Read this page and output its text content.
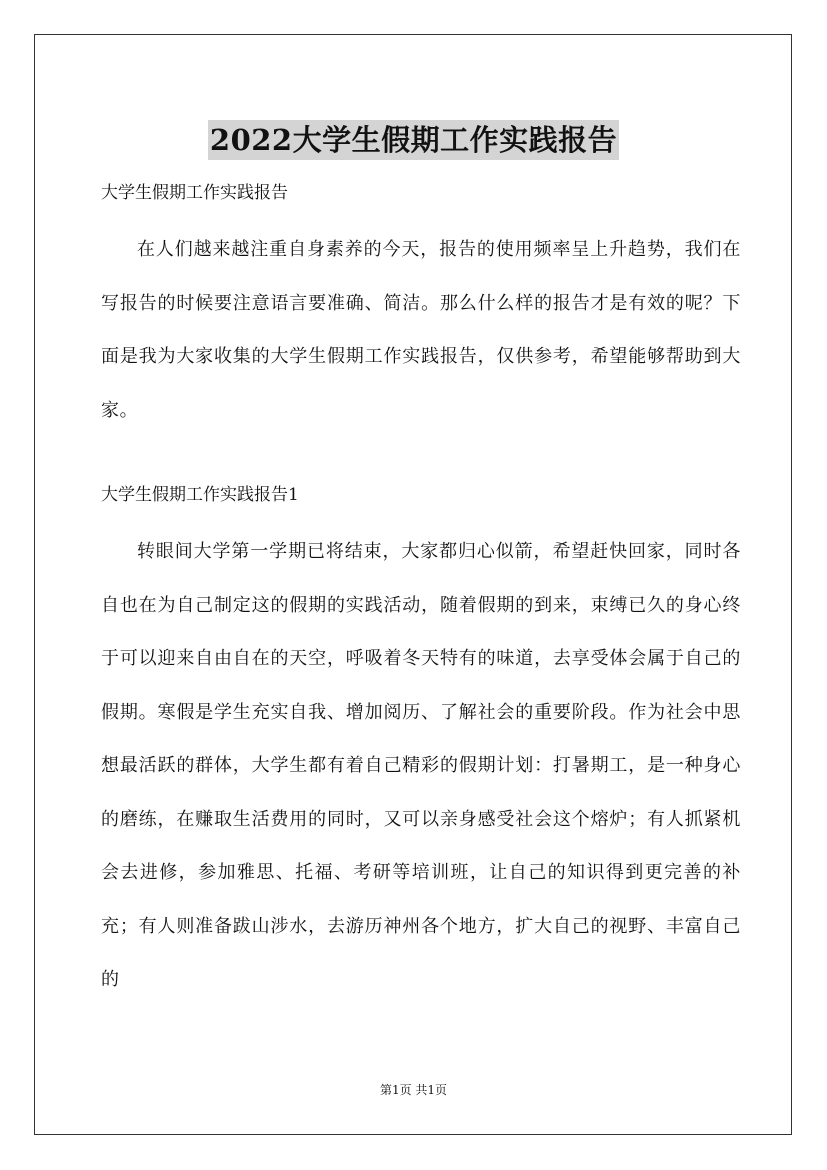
2022大学生假期工作实践报告

大学生假期工作实践报告

在人们越来越注重自身素养的今天，报告的使用频率呈上升趋势，我们在写报告的时候要注意语言要准确、简洁。那么什么样的报告才是有效的呢？下面是我为大家收集的大学生假期工作实践报告，仅供参考，希望能够帮助到大家。

大学生假期工作实践报告1

转眼间大学第一学期已将结束，大家都归心似箭，希望赶快回家，同时各自也在为自己制定这的假期的实践活动，随着假期的到来，束缚已久的身心终于可以迎来自由自在的天空，呼吸着冬天特有的味道，去享受体会属于自己的假期。寒假是学生充实自我、增加阅历、了解社会的重要阶段。作为社会中思想最活跃的群体，大学生都有着自己精彩的假期计划：打暑期工，是一种身心的磨练，在赚取生活费用的同时，又可以亲身感受社会这个熔炉；有人抓紧机会去进修，参加雅思、托福、考研等培训班，让自己的知识得到更完善的补充；有人则准备跋山涉水，去游历神州各个地方，扩大自己的视野、丰富自己的

第1页 共1页
